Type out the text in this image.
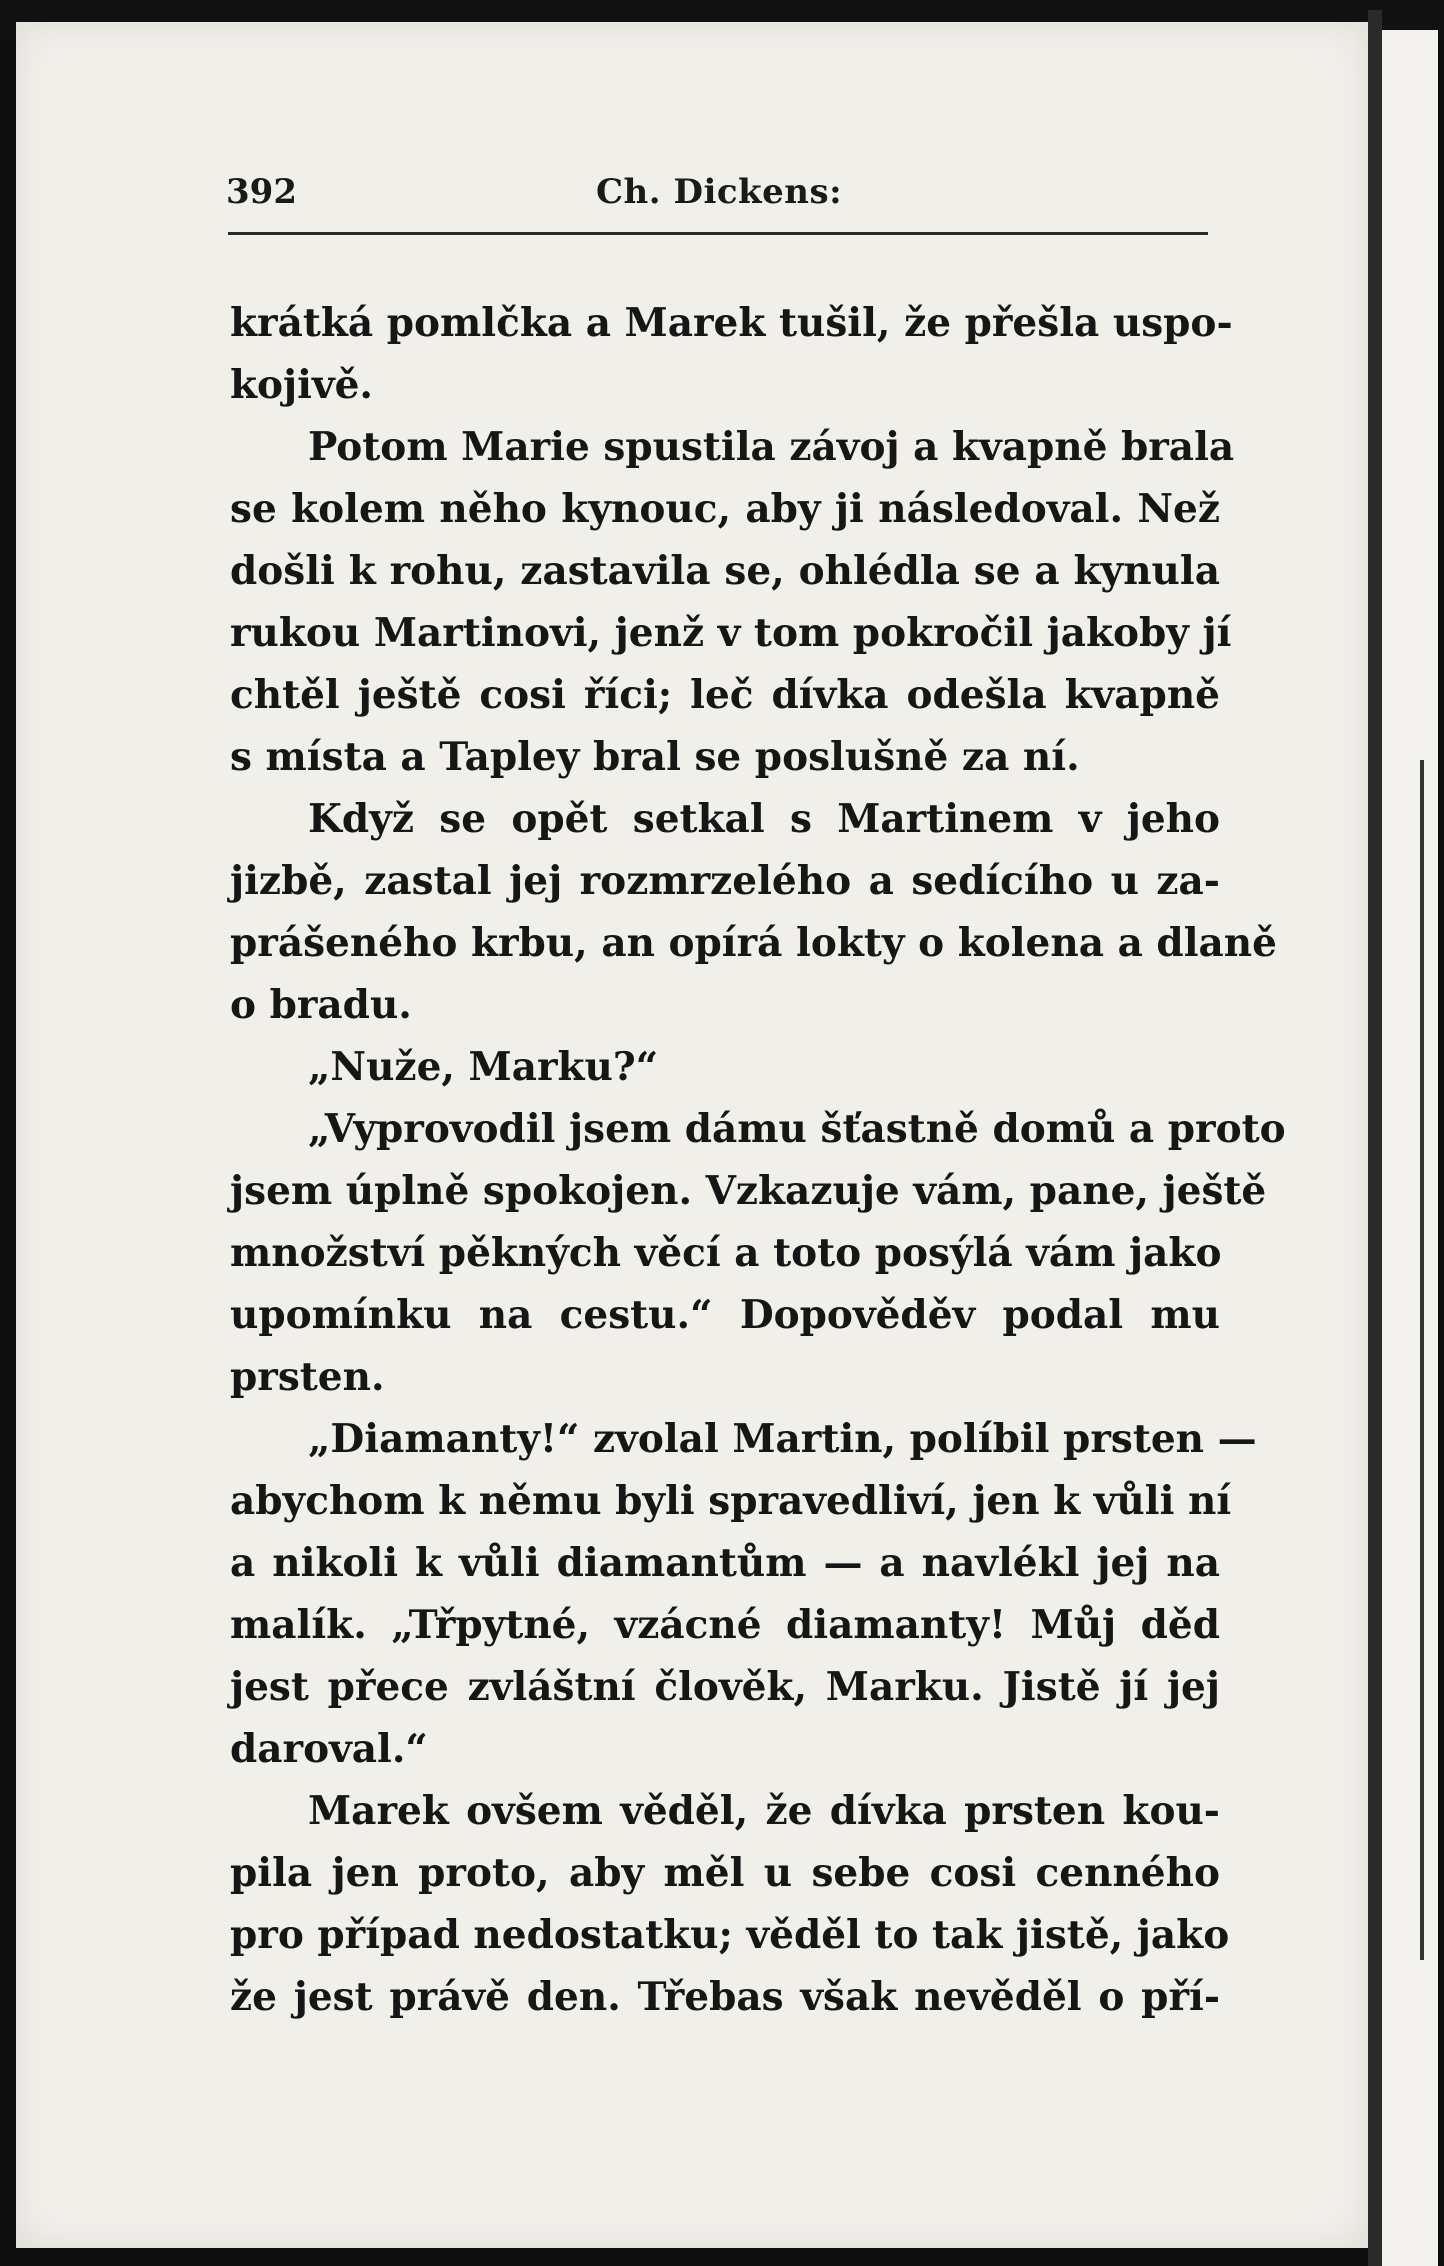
392	Ch. Dickens:
krátká pomlčka a Marek tušil, že přešla uspo-
kojivě.
Potom Marie spustila závoj a kvapně brala
se kolem něho kynouc, aby ji následoval. Než
došli k rohu, zastavila se, ohlédla se a kynula
rukou Martinovi, jenž v tom pokročil jakoby jí
chtěl ještě cosi říci; leč dívka odešla kvapně
s místa a Tapley bral se poslušně za ní.
Když se opět setkal s Martinem v jeho
jizbě, zastal jej rozmrzelého a sedícího u za-
prášeného krbu, an opírá lokty o kolena a dlaně
o bradu.
„Nuže, Marku?“
„Vyprovodil jsem dámu šťastně domů a proto
jsem úplně spokojen. Vzkazuje vám, pane, ještě
množství pěkných věcí a toto posýlá vám jako
upomínku na cestu.“ Dopověděv podal mu
prsten.
„Diamanty!“ zvolal Martin, políbil prsten —
abychom k němu byli spravedliví, jen k vůli ní
a nikoli k vůli diamantům — a navlékl jej na
malík. „Třpytné, vzácné diamanty! Můj děd
jest přece zvláštní člověk, Marku. Jistě jí jej
daroval.“
Marek ovšem věděl, že dívka prsten kou-
pila jen proto, aby měl u sebe cosi cenného
pro případ nedostatku; věděl to tak jistě, jako
že jest právě den. Třebas však nevěděl o pří-
